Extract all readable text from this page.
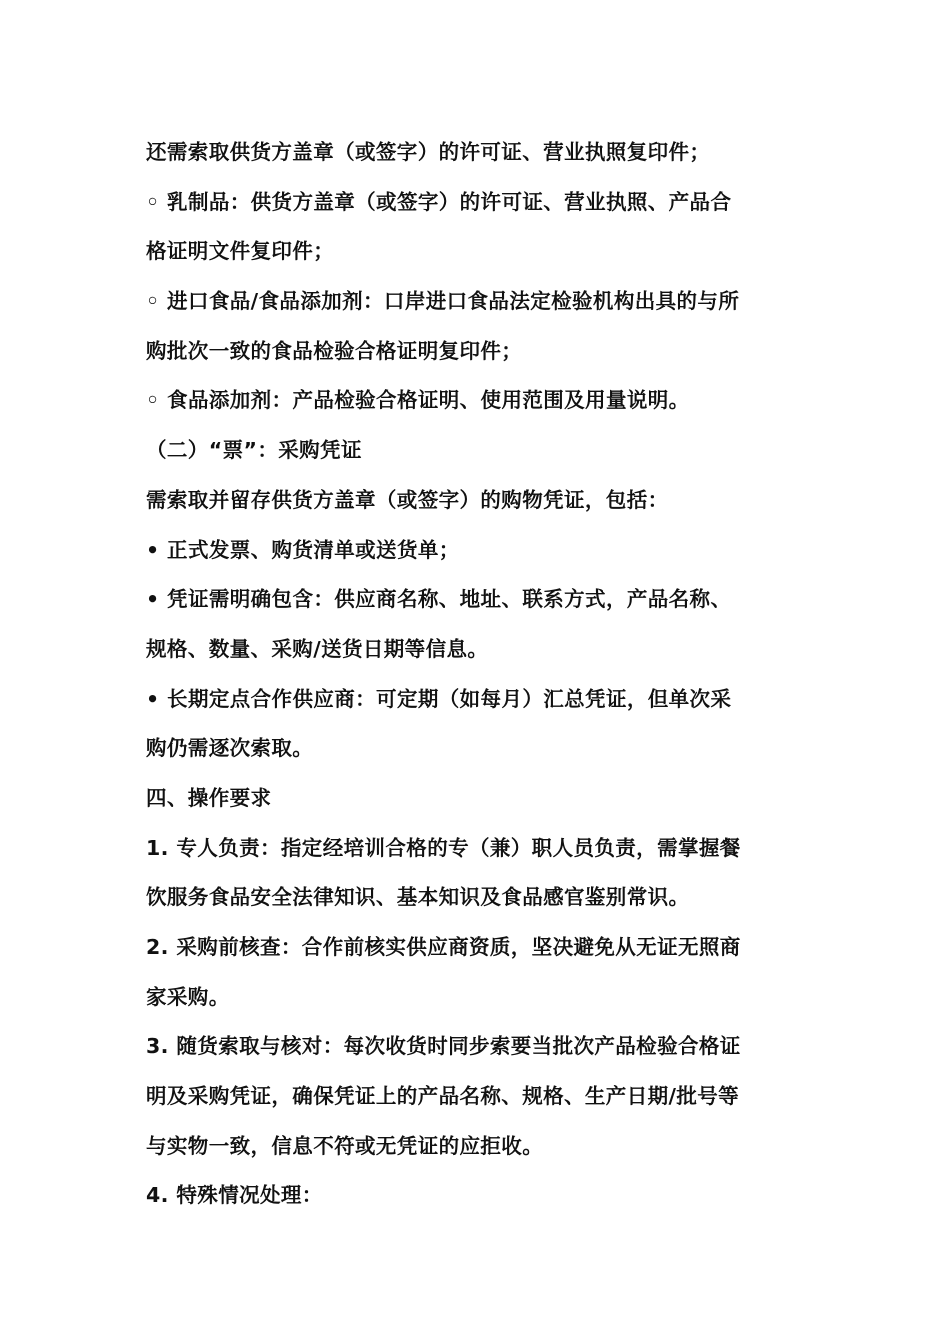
还需索取供货方盖章（或签字）的许可证、营业执照复印件；
◦ 乳制品：供货方盖章（或签字）的许可证、营业执照、产品合
格证明文件复印件；
◦ 进口食品/食品添加剂：口岸进口食品法定检验机构出具的与所
购批次一致的食品检验合格证明复印件；
◦ 食品添加剂：产品检验合格证明、使用范围及用量说明。
（二）“票”：采购凭证
需索取并留存供货方盖章（或签字）的购物凭证，包括：
• 正式发票、购货清单或送货单；
• 凭证需明确包含：供应商名称、地址、联系方式，产品名称、
规格、数量、采购/送货日期等信息。
• 长期定点合作供应商：可定期（如每月）汇总凭证，但单次采
购仍需逐次索取。
四、操作要求
1. 专人负责：指定经培训合格的专（兼）职人员负责，需掌握餐
饮服务食品安全法律知识、基本知识及食品感官鉴别常识。
2. 采购前核查：合作前核实供应商资质，坚决避免从无证无照商
家采购。
3. 随货索取与核对：每次收货时同步索要当批次产品检验合格证
明及采购凭证，确保凭证上的产品名称、规格、生产日期/批号等
与实物一致，信息不符或无凭证的应拒收。
4. 特殊情况处理：
